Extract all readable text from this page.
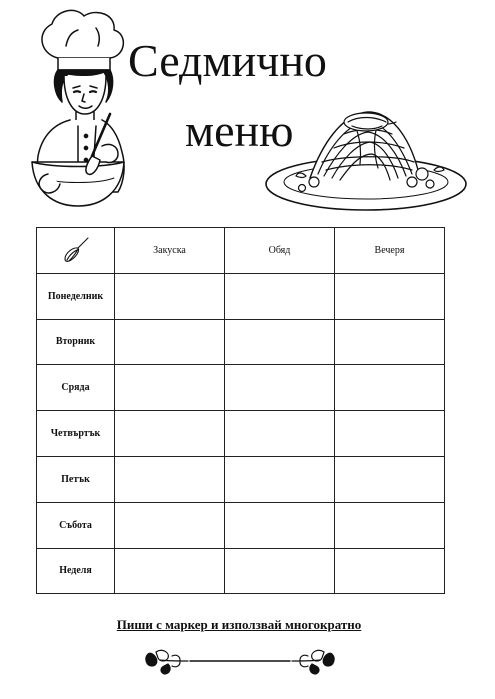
Седмично
меню
	Закуска	Обяд	Вечеря
Понеделник			
Вторник			
Сряда			
Четвъртък			
Петък			
Събота			
Неделя			
Пиши с маркер и използвай многократно
